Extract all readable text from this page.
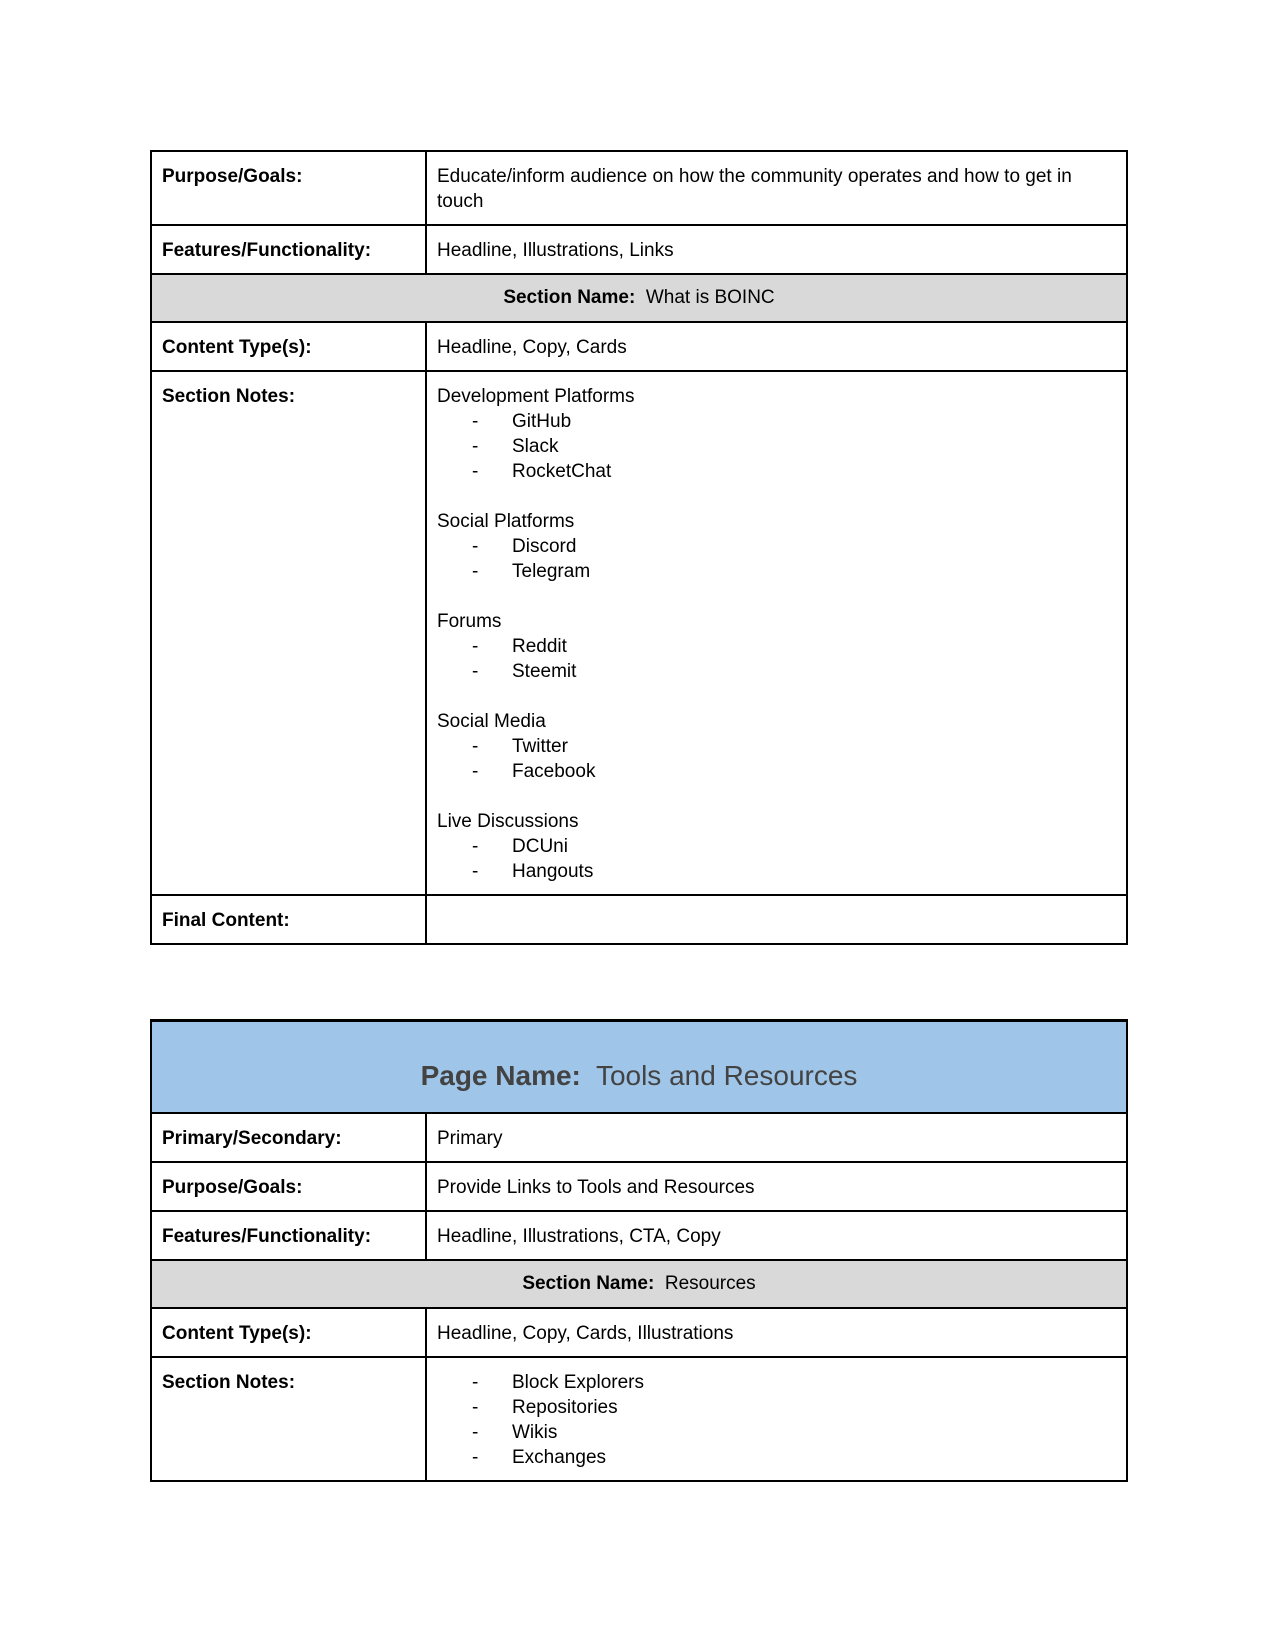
Purpose/Goals:	Educate/inform audience on how the community operates and how to get in touch
Features/Functionality:	Headline, Illustrations, Links
Section Name: What is BOINC	
Content Type(s):	Headline, Copy, Cards
Section Notes:	Development Platforms
-	GitHub
-	Slack
-	RocketChat
Social Platforms
-	Discord
-	Telegram
Forums
-	Reddit
-	Steemit
Social Media
-	Twitter
-	Facebook
Live Discussions
-	DCUni
-	Hangouts

Final Content:	
Page Name: Tools and Resources	
Primary/Secondary:	Primary
Purpose/Goals:	Provide Links to Tools and Resources
Features/Functionality:	Headline, Illustrations, CTA, Copy
Section Name: Resources	
Content Type(s):	Headline, Copy, Cards, Illustrations
Section Notes:	-	Block Explorers
-	Repositories
-	Wikis
-	Exchanges
